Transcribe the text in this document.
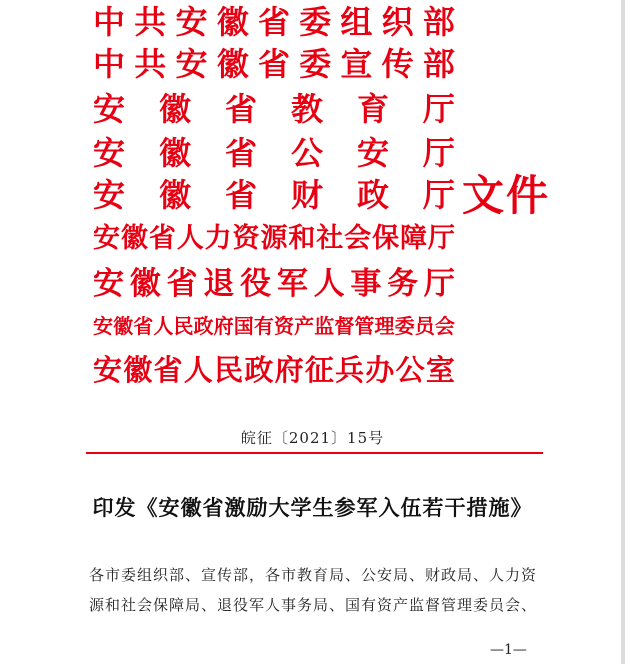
中 共 安 徽 省 委 组 织 部
中 共 安 徽 省 委 宣 传 部
安 徽 省 教 育 厅
安 徽 省 公 安 厅
安 徽 省 财 政 厅
安 徽 省 人 力 资 源 和 社 会 保 障 厅
安 徽 省 退 役 军 人 事 务 厅
安 徽 省 人 民 政 府 国 有 资 产 监 督 管 理 委 员 会
安 徽 省 人 民 政 府 征 兵 办 公 室
文件
皖征〔2021〕15号
印发《安徽省激励大学生参军入伍若干措施》
各市委组织部、宣传部，各市教育局、公安局、财政局、人力资
源和社会保障局、退役军人事务局、国有资产监督管理委员会、
—1—
